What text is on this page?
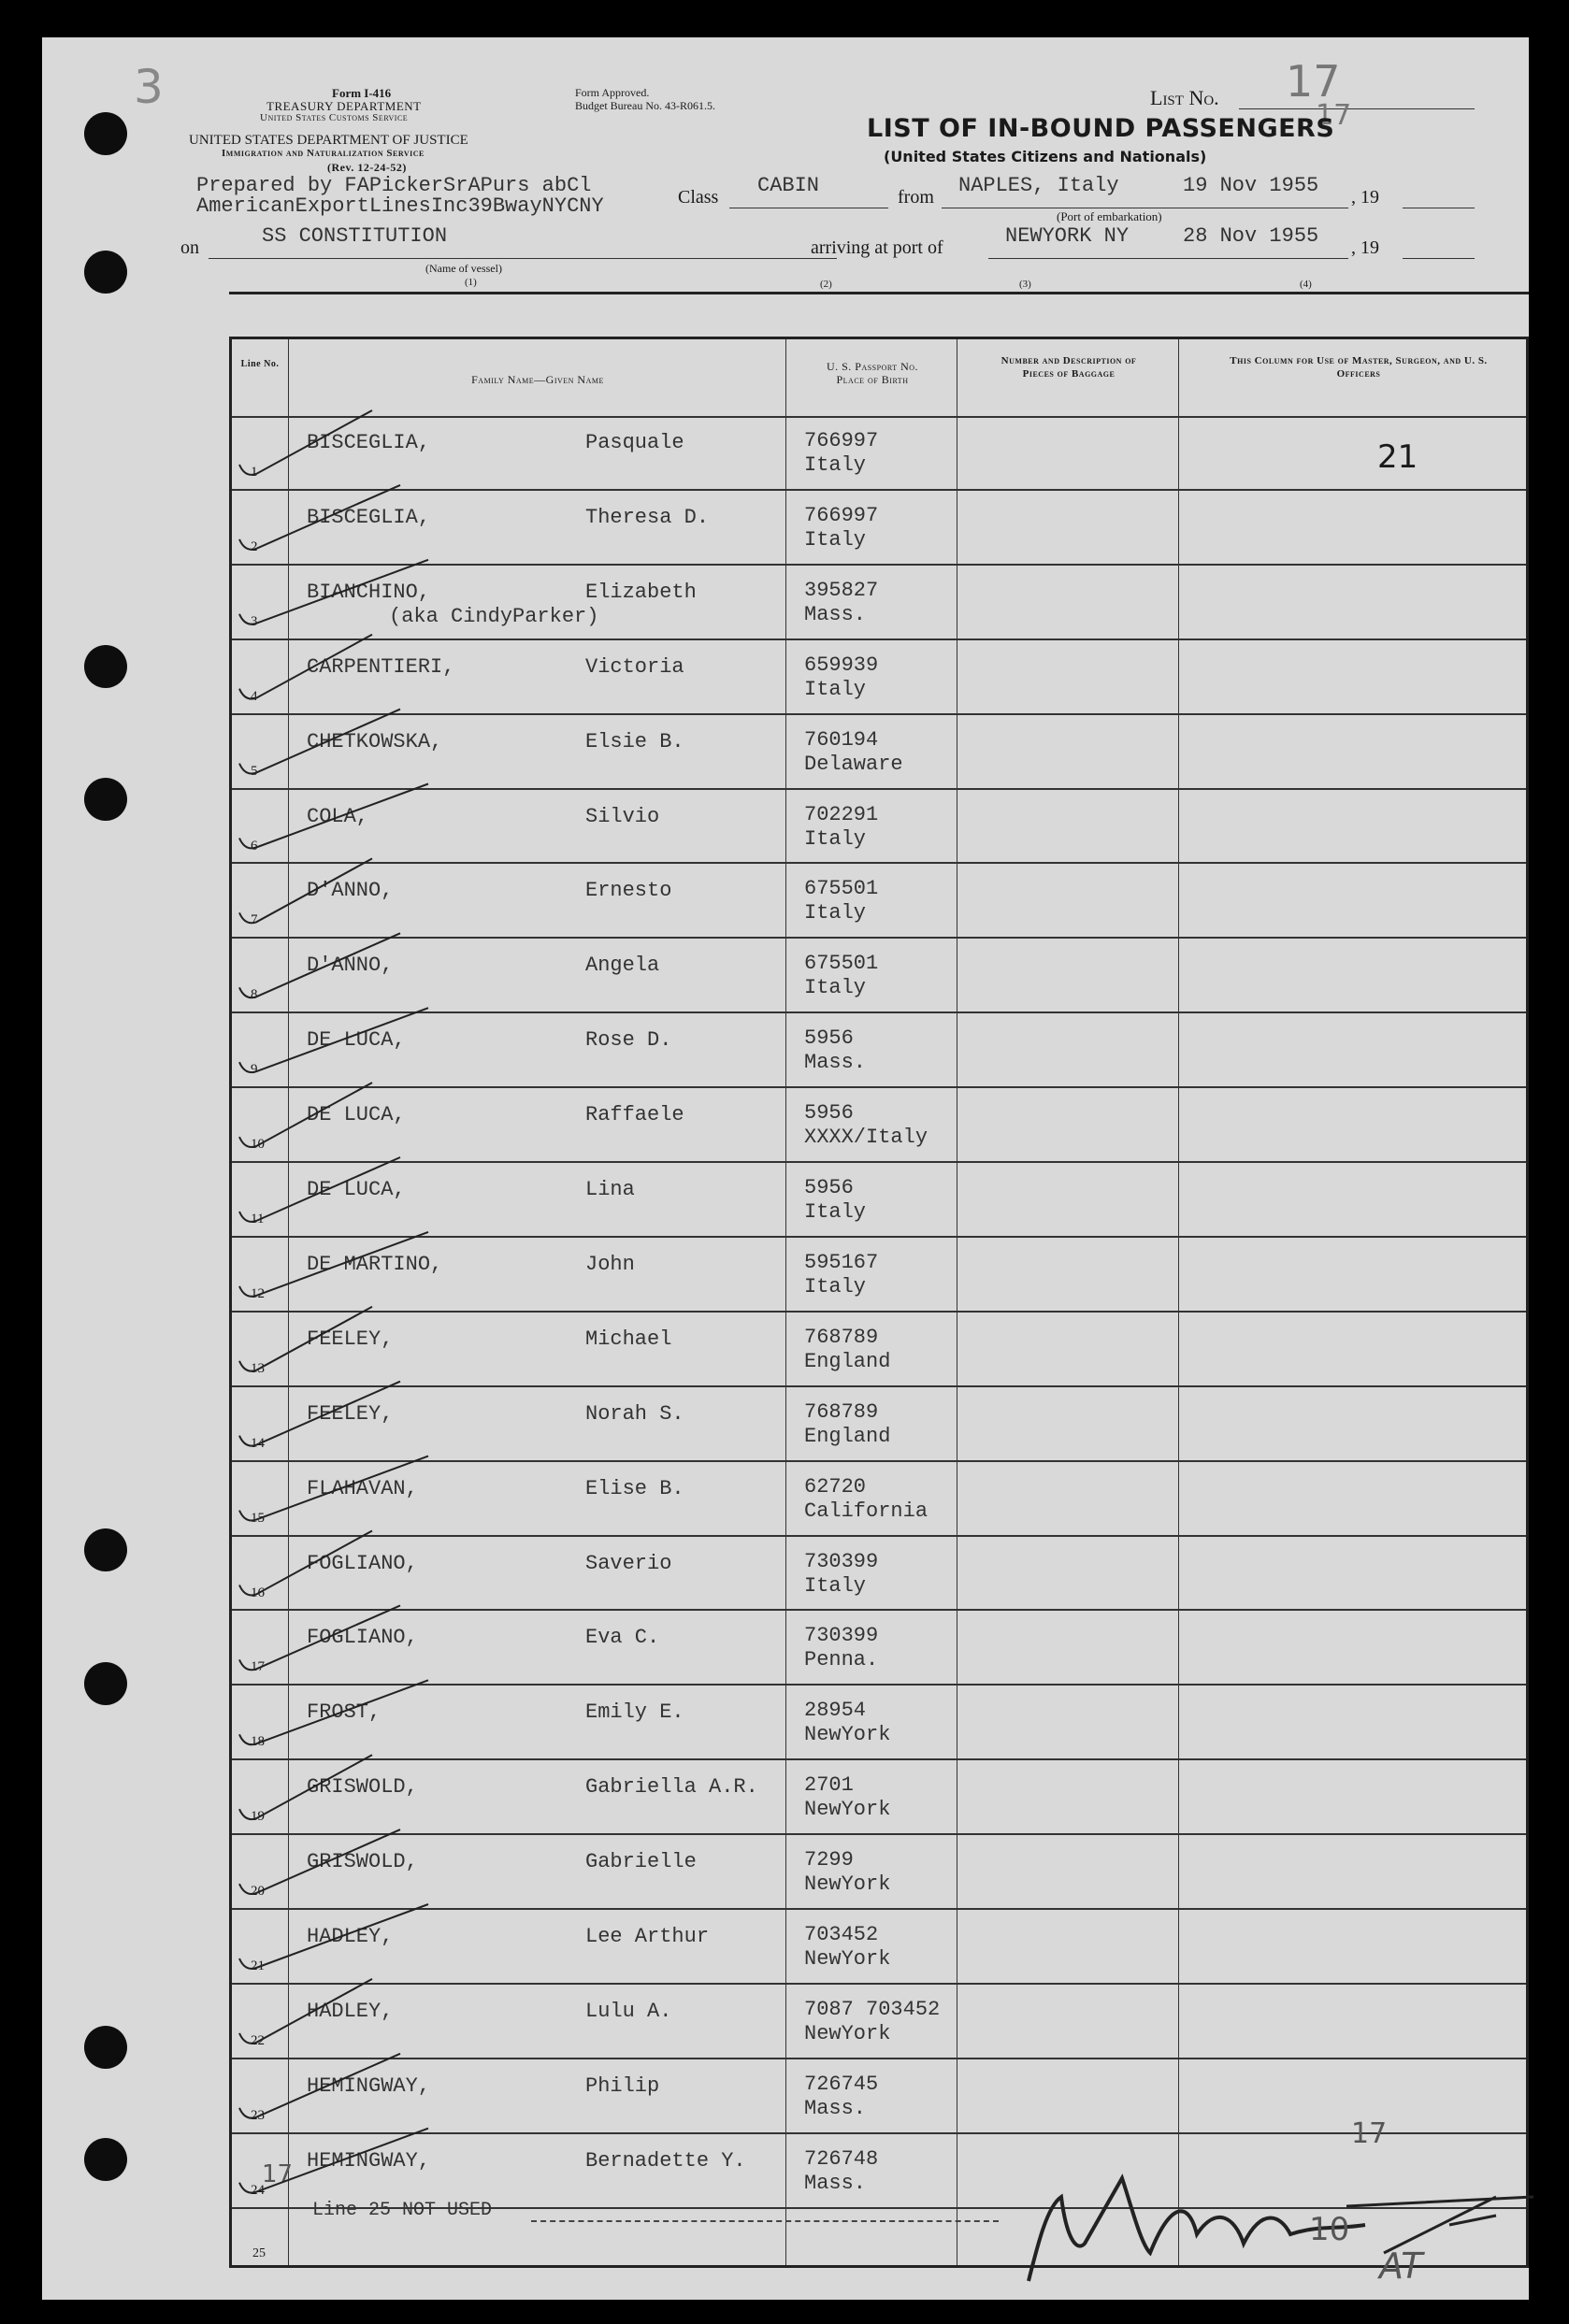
3	Form I-416
TREASURY DEPARTMENT
United States Customs Service
UNITED STATES DEPARTMENT OF JUSTICE
Immigration and Naturalization Service
(Rev. 12-24-52)
Form Approved.
Budget Bureau No. 43-R061.5.	List No. 17
17
LIST OF IN-BOUND PASSENGERS
(United States Citizens and Nationals)
Prepared by FAPickerSrAPurs abCl
AmericanExportLinesInc39BwayNYCNY	Class CABIN	from NAPLES, Italy	19 Nov 1955 , 19
(Port of embarkation)
on	SS CONSTITUTION
(Name of vessel)
arriving at port of	NEWYORK NY	28 Nov 1955 , 19
(1)	(2)	(3)	(4)
Line No.
Family Name—Given Name
U. S. Passport No. Place of Birth
Number and Description of Pieces of Baggage
This Column for Use of Master, Surgeon, and U. S. Officers
1
BISCEGLIA,	Pasquale	766997
Italy
2
BISCEGLIA,	Theresa D.	766997
Italy
3
BIANCHINO,	Elizabeth
(aka CindyParker)
395827
Mass.
4
CARPENTIERI,	Victoria	659939
Italy
5
CHETKOWSKA,	Elsie B.	760194
Delaware
6
COLA,	Silvio	702291
Italy
7
D'ANNO,	Ernesto	675501
Italy
8
D'ANNO,	Angela	675501
Italy
9
DE LUCA,	Rose D.	5956
Mass.
10
DE LUCA,	Raffaele	5956
XXXX/Italy
11
DE LUCA,	Lina	5956
Italy
12
DE MARTINO,	John	595167
Italy
13
FEELEY,	Michael	768789
England
14
FEELEY,	Norah S.	768789
England
15
FLAHAVAN,	Elise B.	62720
California
16
FOGLIANO,	Saverio	730399
Italy
17
FOGLIANO,	Eva C.	730399
Penna.
18
FROST,	Emily E.	28954
NewYork
19
GRISWOLD,	Gabriella A.R. 2701
NewYork
20
GRISWOLD,	Gabrielle	7299
NewYork
21
HADLEY,	Lee Arthur	703452
NewYork
22
HADLEY,	Lulu A.	7087 703452
NewYork
23
HEMINGWAY,	Philip	726745
Mass.
24
HEMINGWAY,	Bernadette Y.	726748
Mass.
21
Line 25 NOT USED
25
17
17
10
AT
